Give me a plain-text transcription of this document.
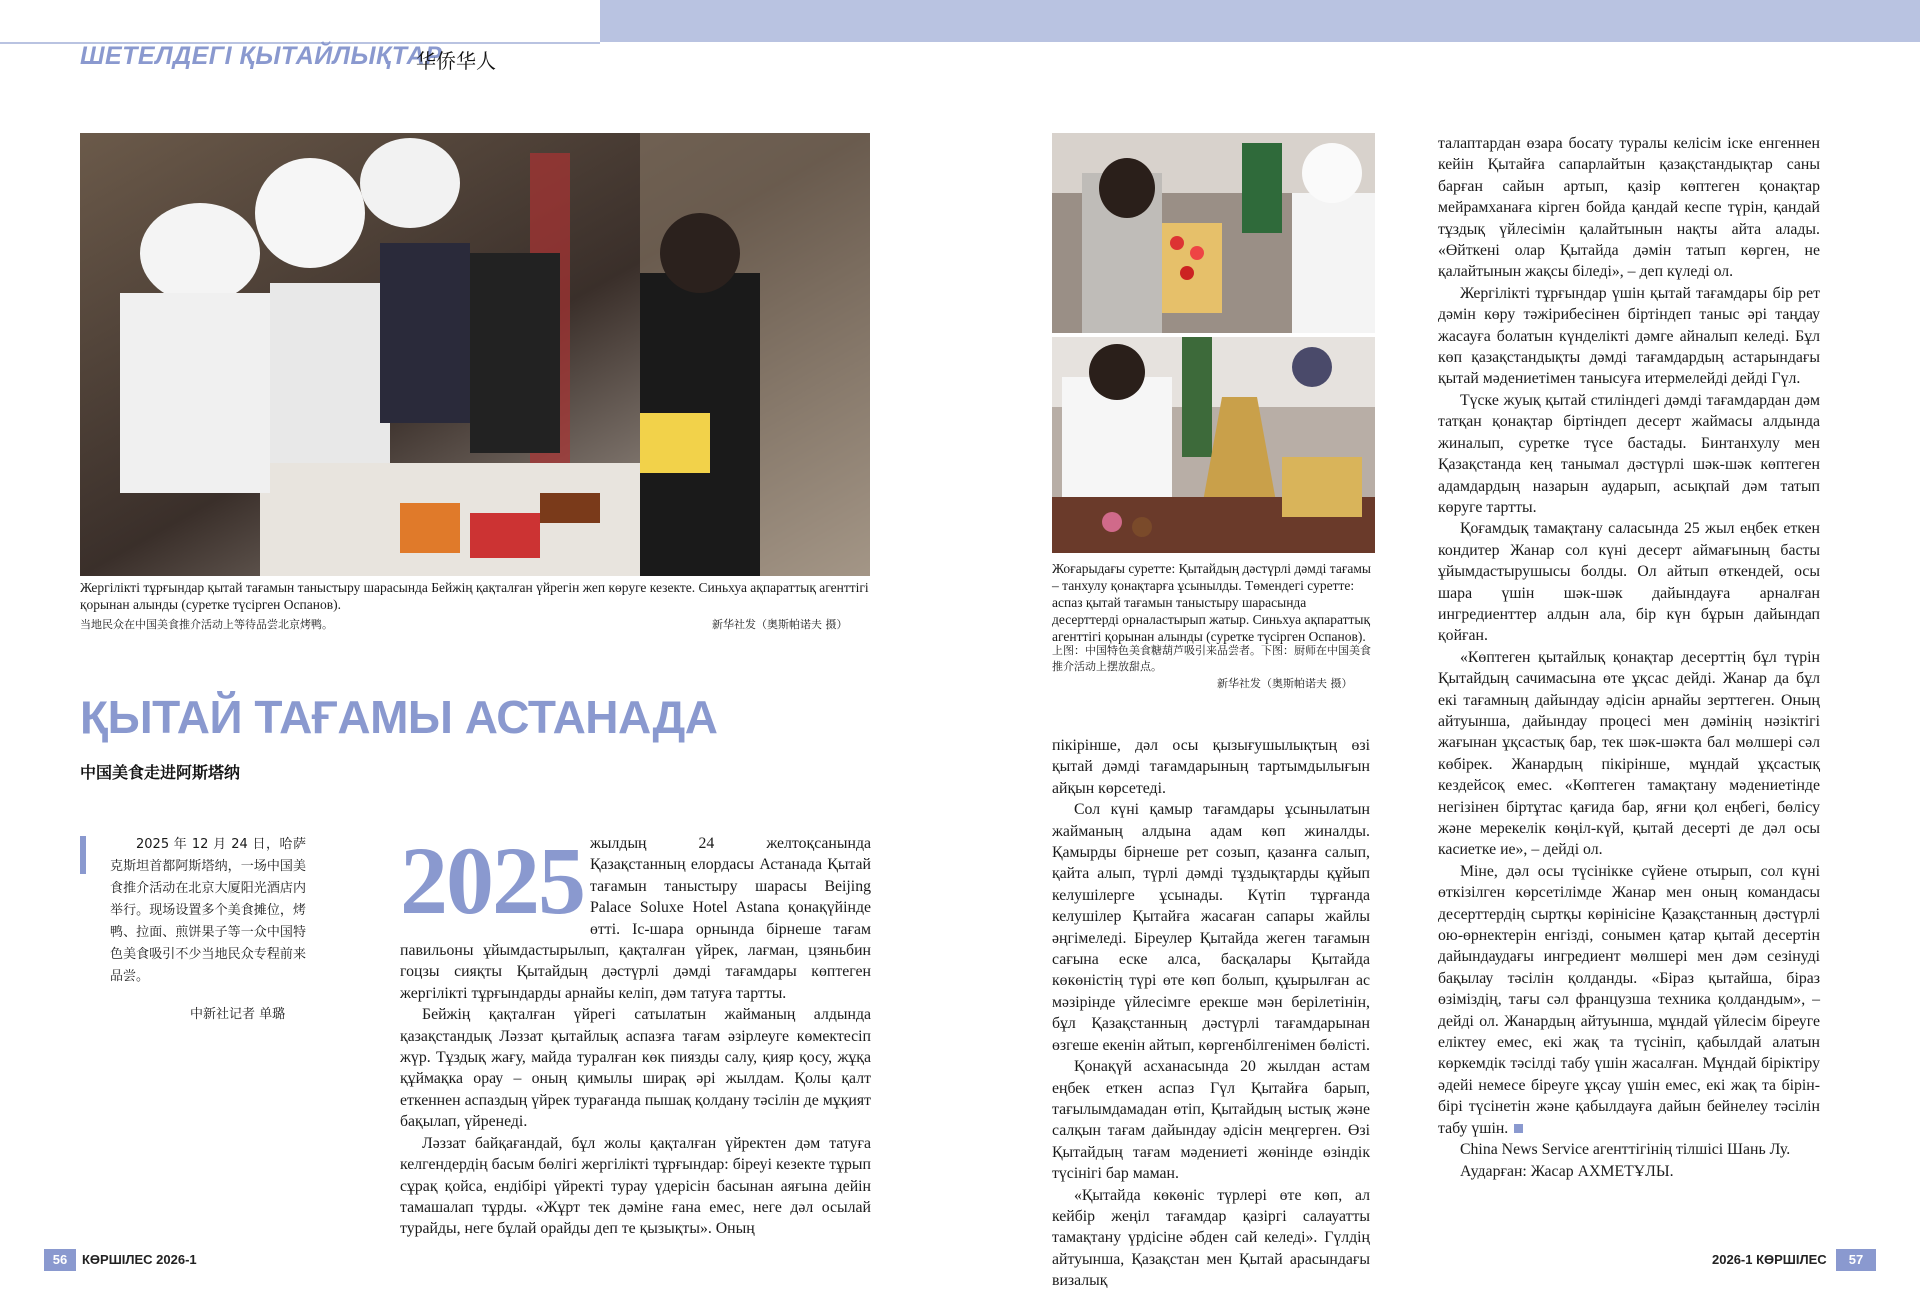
ШЕТЕЛДЕГІ ҚЫТАЙЛЫҚТАР
华侨华人
Жергілікті тұрғындар қытай тағамын таныстыру шарасында Бейжің қақталған үйрегін жеп көруге кезекте. Синьхуа ақпараттық агенттігі қорынан алынды (суретке түсірген Оспанов).
当地民众在中国美食推介活动上等待品尝北京烤鸭。	新华社发（奥斯帕诺夫 摄）
Жоғарыдағы суретте: Қытайдың дәстүрлі дәмді тағамы – танхулу қонақтарға ұсынылды. Төмендегі суретте: аспаз қытай тағамын таныстыру шарасында десерттерді орналастырып жатыр. Синьхуа ақпараттық агенттігі қорынан алынды (суретке түсірген Оспанов).
上图：中国特色美食糖葫芦吸引来品尝者。下图：厨师在中国美食推介活动上摆放甜点。
新华社发（奥斯帕诺夫 摄）
ҚЫТАЙ ТАҒАМЫ АСТАНАДА
中国美食走进阿斯塔纳
2025 年 12 月 24 日，哈萨克斯坦首都阿斯塔纳，一场中国美食推介活动在北京大厦阳光酒店内举行。现场设置多个美食摊位，烤鸭、拉面、煎饼果子等一众中国特色美食吸引不少当地民众专程前来品尝。
中新社记者 单璐
2025 жылдың 24 желтоқсанында Қазақстанның елордасы Астанада Қытай тағамын таныстыру шарасы Beijing Palace Soluxe Hotel Astana қонақүйінде өтті. Іс-шара орнында бірнеше тағам павильоны ұйымдастырылып, қақталған үйрек, лағман, цзяньбин гоцзы сияқты Қытайдың дәстүрлі дәмді тағамдары көптеген жергілікті тұрғындарды арнайы келіп, дәм татуға тартты.

Бейжің қақталған үйрегі сатылатын жайманың алдында қазақстандық Ләззат қытайлық аспазға тағам әзірлеуге көмектесіп жүр. Тұздық жағу, майда туралған көк пиязды салу, қияр қосу, жұқа құймақка орау – оның қимылы ширақ әрі жылдам. Қолы қалт еткеннен аспаздың үйрек турағанда пышақ қолдану тәсілін де мұқият бақылап, үйренеді.

Ләззат байқағандай, бұл жолы қақталған үйректен дәм татуға келгендердің басым бөлігі жергілікті тұрғындар: біреуі кезекте тұрып сұрақ қойса, ендібірі үйректі турау үдерісін басынан аяғына дейін тамашалап тұрды. «Жұрт тек дәміне ғана емес, неге дәл осылай турайды, неге бұлай орайды деп те қызықты». Оның

пікірінше, дәл осы қызығушылықтың өзі қытай дәмді тағамдарының тартымдылығын айқын көрсетеді.

Сол күні қамыр тағамдары ұсынылатын жайманың алдына адам көп жиналды. Қамырды бірнеше рет созып, қазанға салып, қайта алып, түрлі дәмді тұздықтарды құйып келушілерге ұсынады. Күтіп тұрғанда келушілер Қытайға жасаған сапары жайлы әңгімеледі. Біреулер Қытайда жеген тағамын сағына еске алса, басқалары Қытайда көкөністің түрі өте көп болып, құырылған ас мәзірінде үйлесімге ерекше мән берілетінін, бұл Қазақстанның дәстүрлі тағамдарынан өзгеше екенін айтып, көргенбілгенімен бөлісті.

Қонақүй асханасында 20 жылдан астам еңбек еткен аспаз Гүл Қытайға барып, тағылымдамадан өтіп, Қытайдың ыстық және салқын тағам дайындау әдісін меңгерген. Өзі Қытайдың тағам мәдениеті жөнінде өзіндік түсінігі бар маман.

«Қытайда көкөніс түрлері өте көп, ал кейбір жеңіл тағамдар қазіргі салауатты тамақтану үрдісіне әбден сай келеді». Гүлдің айтуынша, Қазақстан мен Қытай арасындағы визалық

талаптардан өзара босату туралы келісім іске енгеннен кейін Қытайға сапарлайтын қазақстандықтар саны барған сайын артып, қазір көптеген қонақтар мейрамханаға кірген бойда қандай кеспе түрін, қандай тұздық үйлесімін қалайтынын нақты айта алады. «Өйткені олар Қытайда дәмін татып көрген, не қалайтынын жақсы біледі», – деп күледі ол.

Жергілікті тұрғындар үшін қытай тағамдары бір рет дәмін көру тәжірибесінен біртіндеп таныс әрі таңдау жасауға болатын күнделікті дәмге айналып келеді. Бұл көп қазақстандықты дәмді тағамдардың астарындағы қытай мәдениетімен танысуға итермелейді дейді Гүл.

Түске жуық қытай стиліндегі дәмді тағамдардан дәм татқан қонақтар біртіндеп десерт жаймасы алдында жиналып, суретке түсе бастады. Бинтанхулу мен Қазақстанда кең танымал дәстүрлі шәк-шәк көптеген адамдардың назарын аударып, асықпай дәм татып көруге тартты.

Қоғамдық тамақтану саласында 25 жыл еңбек еткен кондитер Жанар сол күні десерт аймағының басты ұйымдастырушысы болды. Ол айтып өткендей, осы шара үшін шәк-шәк дайындауға арналған ингредиенттер алдын ала, бір күн бұрын дайындап қойған.

«Көптеген қытайлық қонақтар десерттің бұл түрін Қытайдың сачимасына өте ұқсас дейді. Жанар да бұл екі тағамның дайындау әдісін арнайы зерттеген. Оның айтуынша, дайындау процесі мен дәмінің нәзіктігі жағынан ұқсастық бар, тек шәк-шәкта бал мөлшері сәл көбірек. Жанардың пікірінше, мұндай ұқсастық кездейсоқ емес. «Көптеген тамақтану мәдениетінде негізінен біртұтас қағида бар, яғни қол еңбегі, бөлісу және мерекелік көңіл-күй, қытай десерті де дәл осы касиетке ие», – дейді ол.

Міне, дәл осы түсінікке сүйене отырып, сол күні өткізілген көрсетілімде Жанар мен оның командасы десерттердің сыртқы көрінісіне Қазақстанның дәстүрлі ою-өрнектерін енгізді, сонымен қатар қытай десертін дайындаудағы ингредиент мөлшері мен дәм сезінуді бақылау тәсілін қолданды. «Біраз қытайша, біраз өзіміздің, тағы сәл французша техника қолдандым», – дейді ол. Жанардың айтуынша, мұндай үйлесім біреуге еліктеу емес, екі жақ та түсініп, қабылдай алатын көркемдік тәсілді табу үшін жасалған. Мұндай біріктіру әдейі немесе біреуге ұқсау үшін емес, екі жақ та бірін-бірі түсінетін және қабылдауға дайын бейнелеу тәсілін табу үшін.

China News Service агенттігінің тілшісі Шань Лу.

Аударған: Жасар АХМЕТҰЛЫ.

56	КӨРШІЛЕС 2026-1	2026-1 КӨРШІЛЕС	57
